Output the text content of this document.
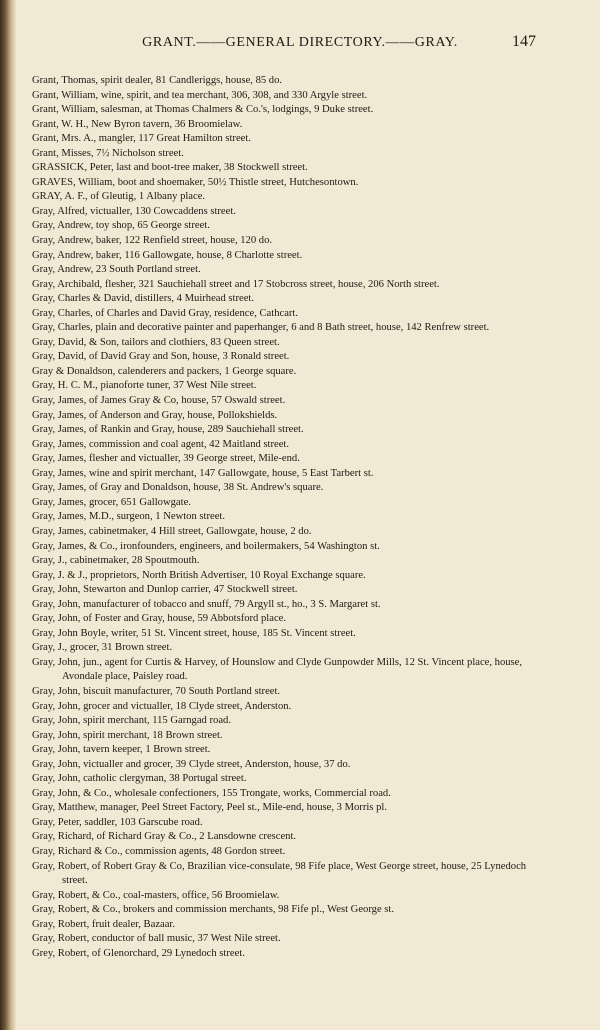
GRANT.——GENERAL DIRECTORY.——GRAY.	147
Grant, Thomas, spirit dealer, 81 Candleriggs, house, 85 do.
Grant, William, wine, spirit, and tea merchant, 306, 308, and 330 Argyle street.
Grant, William, salesman, at Thomas Chalmers & Co.'s, lodgings, 9 Duke street.
Grant, W. H., New Byron tavern, 36 Broomielaw.
Grant, Mrs. A., mangler, 117 Great Hamilton street.
Grant, Misses, 7½ Nicholson street.
GRASSICK, Peter, last and boot-tree maker, 38 Stockwell street.
GRAVES, William, boot and shoemaker, 50½ Thistle street, Hutchesontown.
GRAY, A. F., of Gleutig, 1 Albany place.
Gray, Alfred, victualler, 130 Cowcaddens street.
Gray, Andrew, toy shop, 65 George street.
Gray, Andrew, baker, 122 Renfield street, house, 120 do.
Gray, Andrew, baker, 116 Gallowgate, house, 8 Charlotte street.
Gray, Andrew, 23 South Portland street.
Gray, Archibald, flesher, 321 Sauchiehall street and 17 Stobcross street, house, 206 North street.
Gray, Charles & David, distillers, 4 Muirhead street.
Gray, Charles, of Charles and David Gray, residence, Cathcart.
Gray, Charles, plain and decorative painter and paperhanger, 6 and 8 Bath street, house, 142 Renfrew street.
Gray, David, & Son, tailors and clothiers, 83 Queen street.
Gray, David, of David Gray and Son, house, 3 Ronald street.
Gray & Donaldson, calenderers and packers, 1 George square.
Gray, H. C. M., pianoforte tuner, 37 West Nile street.
Gray, James, of James Gray & Co, house, 57 Oswald street.
Gray, James, of Anderson and Gray, house, Pollokshields.
Gray, James, of Rankin and Gray, house, 289 Sauchiehall street.
Gray, James, commission and coal agent, 42 Maitland street.
Gray, James, flesher and victualler, 39 George street, Mile-end.
Gray, James, wine and spirit merchant, 147 Gallowgate, house, 5 East Tarbert st.
Gray, James, of Gray and Donaldson, house, 38 St. Andrew's square.
Gray, James, grocer, 651 Gallowgate.
Gray, James, M.D., surgeon, 1 Newton street.
Gray, James, cabinetmaker, 4 Hill street, Gallowgate, house, 2 do.
Gray, James, & Co., ironfounders, engineers, and boilermakers, 54 Washington st.
Gray, J., cabinetmaker, 28 Spoutmouth.
Gray, J. & J., proprietors, North British Advertiser, 10 Royal Exchange square.
Gray, John, Stewarton and Dunlop carrier, 47 Stockwell street.
Gray, John, manufacturer of tobacco and snuff, 79 Argyll st., ho., 3 S. Margaret st.
Gray, John, of Foster and Gray, house, 59 Abbotsford place.
Gray, John Boyle, writer, 51 St. Vincent street, house, 185 St. Vincent street.
Gray, J., grocer, 31 Brown street.
Gray, John, jun., agent for Curtis & Harvey, of Hounslow and Clyde Gunpowder Mills, 12 St. Vincent place, house, Avondale place, Paisley road.
Gray, John, biscuit manufacturer, 70 South Portland street.
Gray, John, grocer and victualler, 18 Clyde street, Anderston.
Gray, John, spirit merchant, 115 Garngad road.
Gray, John, spirit merchant, 18 Brown street.
Gray, John, tavern keeper, 1 Brown street.
Gray, John, victualler and grocer, 39 Clyde street, Anderston, house, 37 do.
Gray, John, catholic clergyman, 38 Portugal street.
Gray, John, & Co., wholesale confectioners, 155 Trongate, works, Commercial road.
Gray, Matthew, manager, Peel Street Factory, Peel st., Mile-end, house, 3 Morris pl.
Gray, Peter, saddler, 103 Garscube road.
Gray, Richard, of Richard Gray & Co., 2 Lansdowne crescent.
Gray, Richard & Co., commission agents, 48 Gordon street.
Gray, Robert, of Robert Gray & Co, Brazilian vice-consulate, 98 Fife place, West George street, house, 25 Lynedoch street.
Gray, Robert, & Co., coal-masters, office, 56 Broomielaw.
Gray, Robert, & Co., brokers and commission merchants, 98 Fife pl., West George st.
Gray, Robert, fruit dealer, Bazaar.
Gray, Robert, conductor of ball music, 37 West Nile street.
Grey, Robert, of Glenorchard, 29 Lynedoch street.
